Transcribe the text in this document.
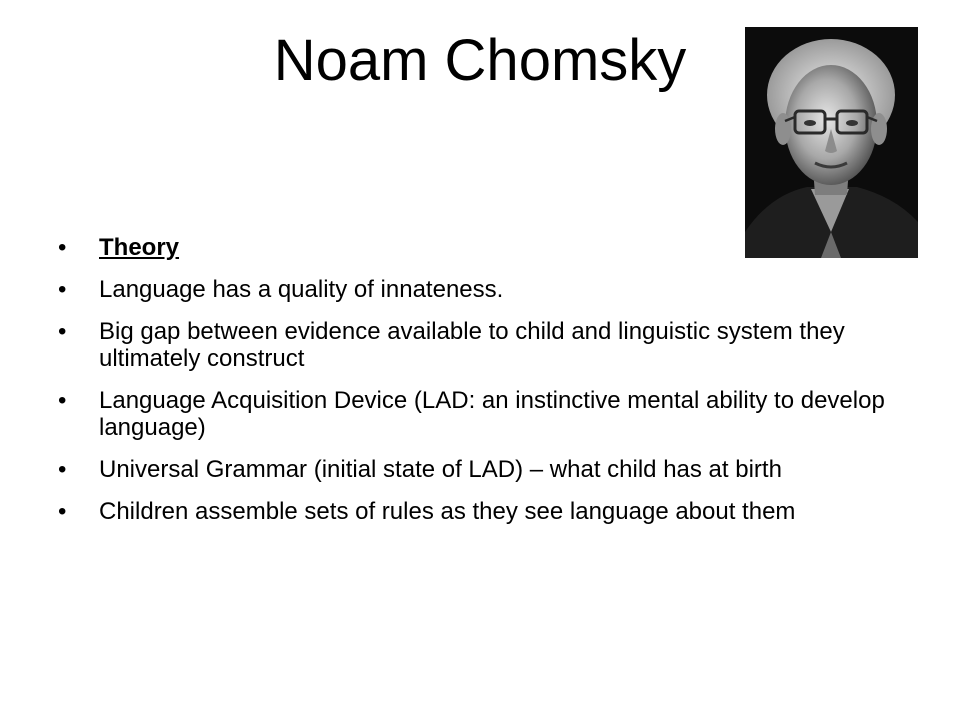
Noam Chomsky
• Theory
• Language has a quality of innateness.
• Big gap between evidence available to child and linguistic system they ultimately construct
• Language Acquisition Device (LAD: an instinctive mental ability to develop language)
• Universal Grammar (initial state of LAD) – what child has at birth
• Children assemble sets of rules as they see language about them
